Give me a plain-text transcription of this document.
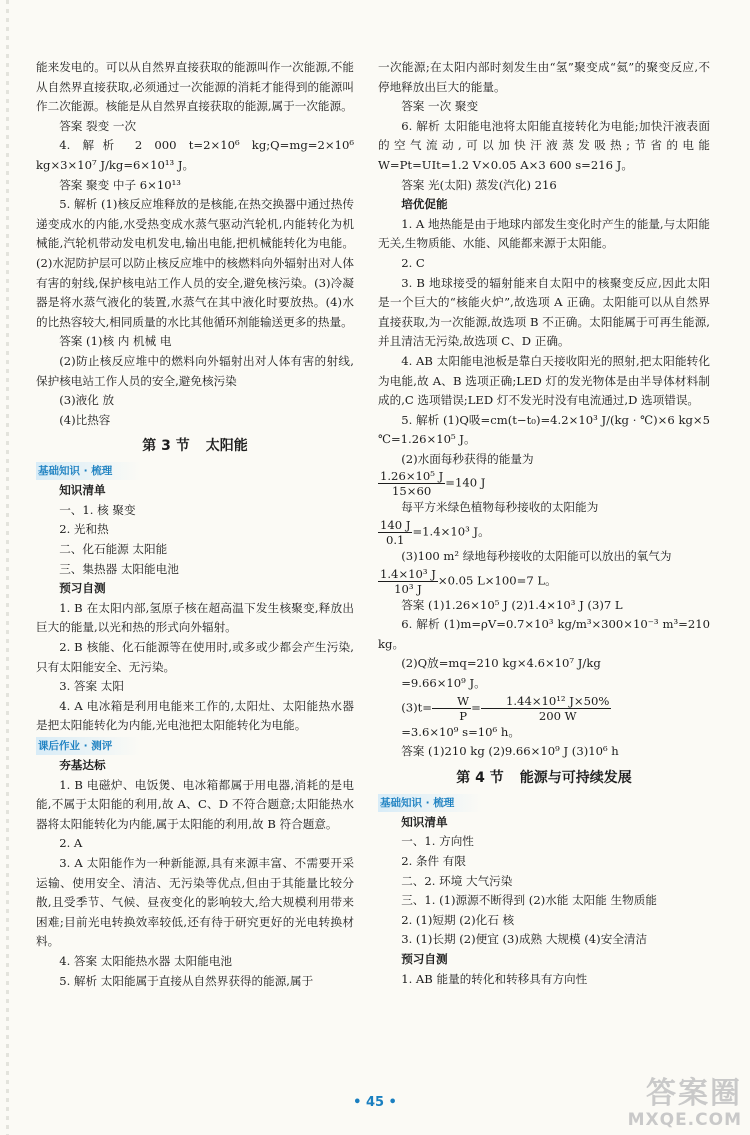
能来发电的。可以从自然界直接获取的能源叫作一次能源,不能从自然界直接获取,必须通过一次能源的消耗才能得到的能源叫作二次能源。核能是从自然界直接获取的能源,属于一次能源。

答案 裂变 一次

4. 解析 2 000 t=2×10⁶ kg;Q=mg=2×10⁶ kg×3×10⁷ J/kg=6×10¹³ J。

答案 聚变 中子 6×10¹³

5. 解析 (1)核反应堆释放的是核能,在热交换器中通过热传递变成水的内能,水受热变成水蒸气驱动汽轮机,内能转化为机械能,汽轮机带动发电机发电,输出电能,把机械能转化为电能。(2)水泥防护层可以防止核反应堆中的核燃料向外辐射出对人体有害的射线,保护核电站工作人员的安全,避免核污染。(3)冷凝器是将水蒸气液化的装置,水蒸气在其中液化时要放热。(4)水的比热容较大,相同质量的水比其他循环剂能输送更多的热量。

答案 (1)核 内 机械 电

(2)防止核反应堆中的燃料向外辐射出对人体有害的射线,保护核电站工作人员的安全,避免核污染

(3)液化 放

(4)比热容

第 3 节 太阳能
基础知识 · 梳理

知识清单

一、1. 核 聚变

2. 光和热

二、化石能源 太阳能

三、集热器 太阳能电池

预习自测

1. B 在太阳内部,氢原子核在超高温下发生核聚变,释放出巨大的能量,以光和热的形式向外辐射。

2. B 核能、化石能源等在使用时,或多或少都会产生污染,只有太阳能安全、无污染。

3. 答案 太阳

4. A 电冰箱是利用电能来工作的,太阳灶、太阳能热水器是把太阳能转化为内能,光电池把太阳能转化为电能。

课后作业 · 测评

夯基达标

1. B 电磁炉、电饭煲、电冰箱都属于用电器,消耗的是电能,不属于太阳能的利用,故 A、C、D 不符合题意;太阳能热水器将太阳能转化为内能,属于太阳能的利用,故 B 符合题意。

2. A

3. A 太阳能作为一种新能源,具有来源丰富、不需要开采运输、使用安全、清洁、无污染等优点,但由于其能量比较分散,且受季节、气候、昼夜变化的影响较大,给大规模利用带来困难;目前光电转换效率较低,还有待于研究更好的光电转换材料。

4. 答案 太阳能热水器 太阳能电池

5. 解析 太阳能属于直接从自然界获得的能源,属于

一次能源;在太阳内部时刻发生由“氢”聚变成“氦”的聚变反应,不停地释放出巨大的能量。

答案 一次 聚变

6. 解析 太阳能电池将太阳能直接转化为电能;加快汗液表面的空气流动,可以加快汗液蒸发吸热;节省的电能 W=Pt=UIt=1.2 V×0.05 A×3 600 s=216 J。

答案 光(太阳) 蒸发(汽化) 216

培优促能

1. A 地热能是由于地球内部发生变化时产生的能量,与太阳能无关,生物质能、水能、风能都来源于太阳能。

2. C

3. B 地球接受的辐射能来自太阳中的核聚变反应,因此太阳是一个巨大的“核能火炉”,故选项 A 正确。太阳能可以从自然界直接获取,为一次能源,故选项 B 不正确。太阳能属于可再生能源,并且清洁无污染,故选项 C、D 正确。

4. AB 太阳能电池板是靠白天接收阳光的照射,把太阳能转化为电能,故 A、B 选项正确;LED 灯的发光物体是由半导体材料制成的,C 选项错误;LED 灯不发光时没有电流通过,D 选项错误。

5. 解析 (1)Q吸=cm(t−t₀)=4.2×10³ J/(kg · ℃)×6 kg×5 ℃=1.26×10⁵ J。

(2)水面每秒获得的能量为

$\frac{\text{1.26×10⁵ J}}{15\times 60} =140$ J

每平方米绿色植物每秒接收的太阳能为

$\frac{140 J}{0.1} =1.4\times 10^3$ J。

(3)100 m² 绿地每秒接收的太阳能可以放出的氧气为

$\frac{\text{1.4×10³ J}}{\text{10³ J}} \times 0.05$ L×100=7 L。

答案 (1)1.26×10⁵ J (2)1.4×10³ J (3)7 L

6. 解析 (1)m=ρV=0.7×10³ kg/m³×300×10⁻³ m³=210 kg。

(2)Q放=mq=210 kg×4.6×10⁷ J/kg

=9.66×10⁹ J。

$(3)t= \frac{W}{P} = \frac{\text{1.44×10¹² J×50\%}}{200 W}$

=3.6×10⁹ s=10⁶ h。

答案 (1)210 kg (2)9.66×10⁹ J (3)10⁶ h

第 4 节 能源与可持续发展
基础知识 · 梳理

知识清单

一、1. 方向性

2. 条件 有限

二、2. 环境 大气污染

三、1. (1)源源不断得到 (2)水能 太阳能 生物质能

2. (1)短期 (2)化石 核

3. (1)长期 (2)便宜 (3)成熟 大规模 (4)安全清洁

预习自测

1. AB 能量的转化和转移具有方向性

• 45 •	答案圈
MXQE.COM
